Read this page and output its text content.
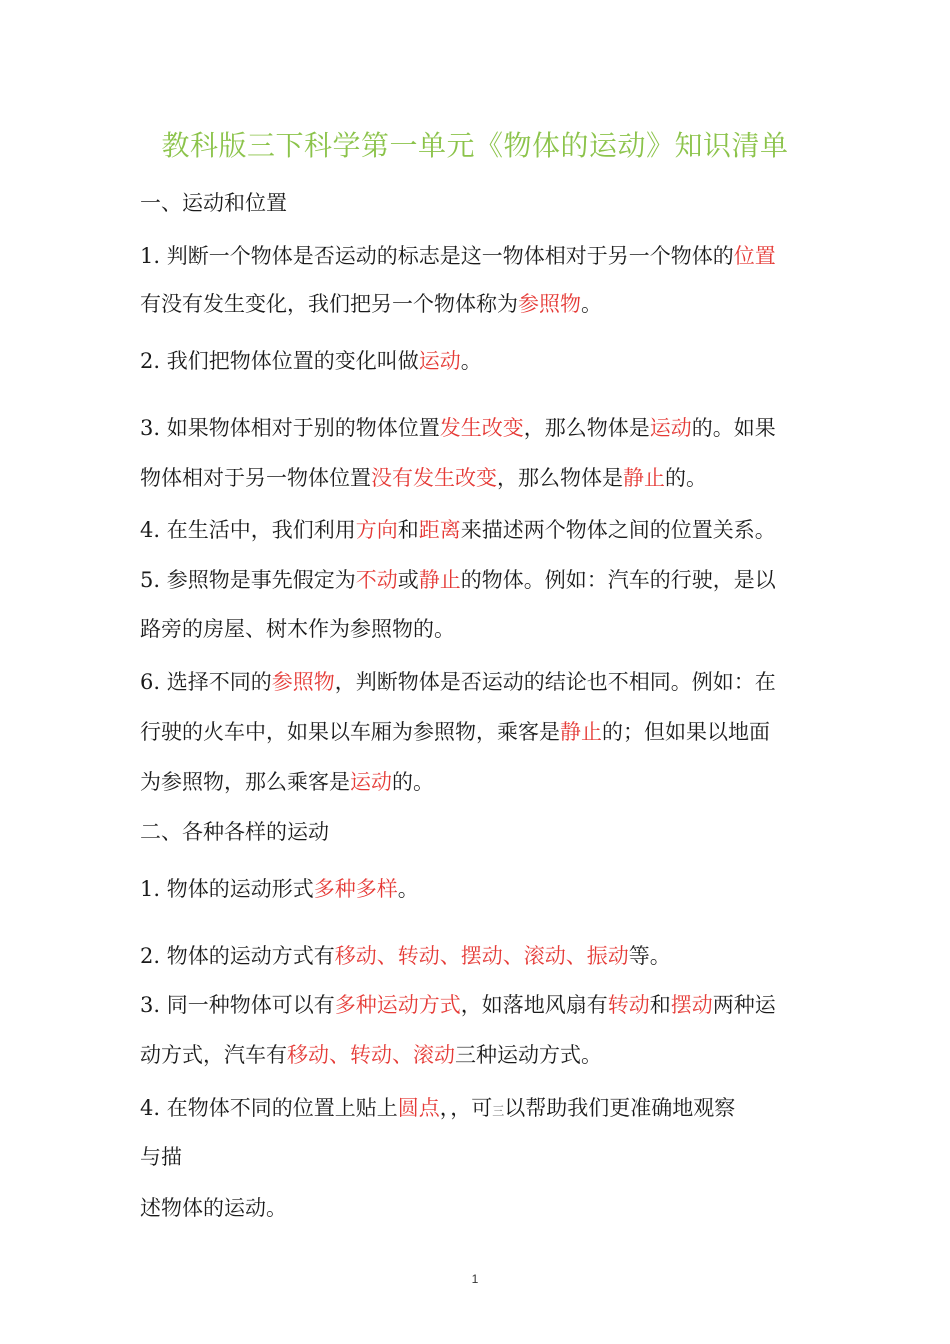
教科版三下科学第一单元《物体的运动》知识清单
一、运动和位置
1. 判断一个物体是否运动的标志是这一物体相对于另一个物体的位置
有没有发生变化，我们把另一个物体称为参照物。
2. 我们把物体位置的变化叫做运动。
3. 如果物体相对于别的物体位置发生改变，那么物体是运动的。如果
物体相对于另一物体位置没有发生改变，那么物体是静止的。
4. 在生活中，我们利用方向和距离来描述两个物体之间的位置关系。
5. 参照物是事先假定为不动或静止的物体。例如：汽车的行驶，是以
路旁的房屋、树木作为参照物的。
6. 选择不同的参照物，判断物体是否运动的结论也不相同。例如：在
行驶的火车中，如果以车厢为参照物，乘客是静止的；但如果以地面
为参照物，那么乘客是运动的。
二、各种各样的运动
1. 物体的运动形式多种多样。
2. 物体的运动方式有移动、转动、摆动、滚动、振动等。
3. 同一种物体可以有多种运动方式，如落地风扇有转动和摆动两种运
动方式，汽车有移动、转动、滚动三种运动方式。
4. 在物体不同的位置上贴上圆点，，可三以帮助我们更准确地观察
与描
述物体的运动。
1
